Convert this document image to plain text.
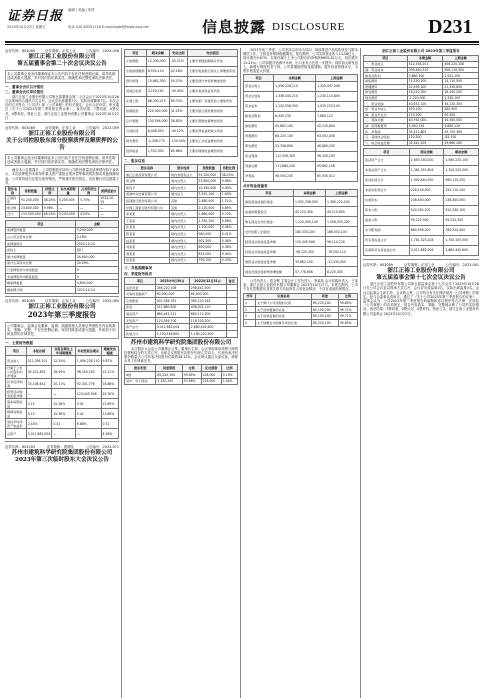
证券日报 编辑 / 美编 / 制作
2023年10月27日 星期五	电话 010-83251716 E-mail:zqrb9@zqrb.sina.net	信息披露 DISCLOSURE	D231
证券代码：603089	证券简称：正裕工业	公告编号：2023-058
浙江正裕工业股份有限公司
第五届董事会第二十次会议决议公告
本公司董事会及全体董事保证本公告内容不存在任何虚假记载、误导性陈述或者重大遗漏，并对其内容的真实性、准确性和完整性承担法律责任。
一、董事会会议召开情况
二、董事会会议审议情况

浙江正裕工业股份有限公司第五届董事会第二十次会议于2023年10月26日以现场结合通讯方式召开。会议应出席董事7名，实际出席董事7名。本次会议的召开符合《公司法》和《公司章程》的有关规定，会议合法有效。审议通过《关于公司2023年第三季度报告的议案》，表决结果：7票同意，0票反对，0票弃权。特此公告。浙江正裕工业股份有限公司董事会 2023年10月27日

证券代码：603089	证券简称：正裕工业	公告编号：2023-059
浙江正裕工业股份有限公司
关于公司控股股东部分股票质押及解质押的公告
本公司董事会及全体董事保证本公告内容不存在任何虚假记载、误导性陈述或者重大遗漏，并对其内容的真实性、准确性和完整性承担法律责任。

截至本公告披露日，公司控股股东持有公司股份数量及质押情况如下表所示。本次质押股份未被用作重大资产重组业绩补偿等事项的担保或其他保障用途。公司将持续关注股东质押情况，严格遵守相关规定，及时履行信息披露义务。

股东名称	持股数量	持股比例	本次质押数量	占其所持比例	质押起始日
正裕投资	91,200,000	38.25%	5,200,000	5.70%	2023-10-25
郑念辉	23,800,000	9.98%	—	—	—
合计	115,000,000	48.23%	5,200,000	4.52%	—
项目	金额
质押股份数量	5,200,000
占公司总股本比例	2.18%
质押到期日	2024-10-24
质权人	银行
累计质押数量	34,600,000
累计占其所持比例	30.09%
已质押股份中冻结数量	0
未质押股份中限售数量	0
解质押数量	4,800,000
解质押日期	2023-10-24
证券代码：603089	证券简称：正裕工业	公告编号：2023-060
浙江正裕工业股份有限公司
2023年第三季度报告
公司董事会、监事会及董事、监事、高级管理人员保证季度报告内容的真实、准确、完整，不存在虚假记载、误导性陈述或重大遗漏，并承担个别和连带的法律责任。
一、主要财务数据
项目	本报告期	本报告期比上年同期增减	年初至报告期末	增减变动幅度
营业收入	512,336,201	12.35%	1,456,228,110	9.87%
归属于上市公司股东的净利润	35,221,805	18.40%	98,554,230	15.21%
扣非后净利润	33,108,452	20.11%	92,301,776	16.88%
经营活动现金流量净额	—	—	120,445,908	25.30%
基本每股收益	0.15	15.38%	0.41	13.89%
稀释每股收益	0.15	15.38%	0.41	13.89%
加权平均净资产收益率	2.45%	0.31	6.88%	0.72
总资产	3,011,882,004	—	—	4.56%
证券代码：603183	证券简称：建研院	公告编号：2023-071
苏州市建筑科学研究院集团股份有限公司
2023年第三次临时股东大会决议公告
项目	期末余额	变动比例	变动原因
应收票据	12,330,000	-35.21%	主要系票据到期承兑所致
应收款项融资	8,550,120	42.18%	主要系收到银行承兑汇票增加所致
预付款项	15,662,300	55.10%	主要系预付材料款增加所致
其他应收款	3,220,140	-30.45%	主要系收回保证金所致
在建工程	88,330,215	65.70%	主要系新厂房建设投入增加所致
短期借款	220,000,000	31.25%	主要系银行借款增加所致
应付票据	130,556,000	38.62%	主要系票据结算增加所致
合同负债	6,448,300	-40.12%	主要系预收货款减少所致
财务费用	-2,336,770	-150.30%	主要系汇兑收益增加所致
投资收益	1,552,300	85.66%	主要系理财收益增加所致
二、股东信息
股东名称	股东性质	持股数量	持股比例
浙江正裕投资有限公司	境内非国有法人	91,200,000	38.25%
郑念辉	境内自然人	23,800,000	9.98%
郑连平	境内自然人	10,250,000	4.30%
香港中央结算有限公司	境外法人	3,552,100	1.49%
招商银行股份有限公司	其他	2,880,000	1.21%
中国工商银行股份有限公司	其他	2,120,500	0.89%
李某某	境内自然人	1,660,000	0.70%
王某某	境内自然人	1,330,200	0.56%
张某某	境内自然人	1,100,000	0.46%
陈某某	境内自然人	980,000	0.41%
赵某某	境内自然人	902,300	0.38%
刘某某	境内自然人	850,000	0.36%
周某某	境内自然人	812,000	0.34%
吴某某	境内自然人	790,100	0.33%
三、其他提醒事项
四、季度财务报表
项目	2023年9月30日	2022年12月31日	备注
货币资金	356,220,108	298,441,500	
交易性金融资产	60,000,000	80,000,000	
应收账款	402,336,781	385,220,144	
存货	512,880,300	498,002,110	
固定资产	880,445,212	860,112,300	
无形资产	120,556,700	118,330,200	
资产总计	3,011,882,004	2,880,445,600	
负债合计	1,230,556,800	1,180,220,300	
苏州市建筑科学研究院集团股份有限公司

本次股东大会由公司董事会召集，董事长主持，会议采取现场投票与网络投票相结合的方式召开。出席会议的股东及股东代理人共12人，代表有表决权股份数量占公司有表决权股份总数的58.12%。会议审议通过全部议案，律师出具了法律意见书。

股东类型	同意票数	比例	反对票数	比例
A股	85,220,100	99.85%	128,000	0.15%
其中：中小股东	5,330,200	97.66%	128,000	2.34%

2023年前三季度，公司坚持以市场为导向，持续推进产品结构优化与降本增效工作，主营业务保持稳健增长。报告期内，公司实现营业收入14.56亿元，同比增长9.87%；实现归属于上市公司股东的净利润9855.42万元，同比增长15.21%。公司积极开拓海外市场，出口业务占比进一步提升；同时加大研发投入，新增专利授权若干项。公司将继续围绕发展战略，提升经营管理水平，为股东创造更大价值。

项目	本期金额	上期金额
营业总收入	1,456,228,110	1,325,447,008
营业总成本	1,338,440,210	1,230,110,845
营业成本	1,120,556,300	1,035,220,140
税金及附加	8,445,230	7,880,110
销售费用	45,662,100	42,115,800
管理费用	68,220,145	63,552,008
研发费用	52,336,800	46,880,200
营业利润	112,556,300	96,330,245
利润总额	111,880,240	95,662,108
净利润	98,554,230	85,550,412
合并现金流量表
项目	本期金额	上期金额
销售商品收到的现金	1,502,336,000	1,380,220,100
收到的税费返还	45,220,300	40,115,600
购买商品支付的现金	1,120,445,100	1,056,330,200
支付给职工的现金	180,330,200	168,552,100
经营活动现金流量净额	120,445,908	96,110,230
投资活动现金流量净额	-98,220,300	-76,550,110
筹资活动现金流量净额	35,662,100	-12,330,400
现金及现金等价物净增加额	57,778,608	8,220,345

公司负责人：郑念辉 主管会计工作负责人：李某某 会计机构负责人：王某某。浙江正裕工业股份有限公司董事会 2023年10月27日。本报告期内，公司不存在控股股东及其关联方非经营性占用资金情况，不存在违规担保情况。

序号	议案名称	同意	比例
1	关于修订公司章程的议案	85,220,100	99.85%
2	关于选举董事的议案	85,100,200	99.71%
3	关于选举监事的议案	85,100,200	99.71%
4	关于续聘会计师事务所的议案	85,220,100	99.85%
浙江正裕工业股份有限公司 2023年第三季度报告
项目	本期金额	上期金额
一、营业收入	512,336,201	456,220,108
减：营业成本	395,440,210	356,110,300
税金及附加	2,880,300	2,552,100
销售费用	15,330,200	14,110,500
管理费用	22,556,100	21,330,800
研发费用	18,220,300	16,445,200
财务费用	-1,220,300	2,330,100
二、营业利润	40,552,100	34,220,300
加：营业外收入	320,100	280,500
减：营业外支出	110,200	95,300
三、利润总额	40,762,000	34,405,500
减：所得税费用	5,540,195	4,660,120
四、净利润	35,221,805	29,745,380
五、其他综合收益	120,300	-85,100
六、综合收益总额	35,342,105	29,660,280
项目	期末余额	期初余额
流动资产合计	1,650,330,200	1,560,220,100
非流动资产合计	1,361,551,804	1,320,225,500
流动负债合计	1,002,440,300	960,110,200
非流动负债合计	228,116,500	220,110,100
实收资本	238,400,000	238,400,000
资本公积	520,330,100	520,330,100
盈余公积	95,220,300	95,220,300
未分配利润	860,556,200	780,220,400
所有者权益合计	1,781,325,204	1,700,335,500
负债和所有者权益总计	3,011,882,004	2,880,445,600
证券代码：603089	证券简称：正裕工业	公告编号：2023-061
浙江正裕工业股份有限公司
第五届监事会第十七次会议决议公告

浙江正裕工业股份有限公司第五届监事会第十七次会议于2023年10月26日在公司会议室以现场方式召开，会议应出席监事3名，实际出席监事3名。会议由监事会主席主持，会议的召集、召开符合有关法律法规及《公司章程》的规定。经与会监事认真审议，通过了《关于公司2023年第三季度报告的议案》。监事会认为：公司2023年第三季度报告的编制和审议程序符合法律、法规及《公司章程》的各项规定，报告内容真实、准确、完整地反映了公司的实际情况。表决结果：3票同意，0票反对，0票弃权。特此公告。浙江正裕工业股份有限公司监事会 2023年10月27日。
